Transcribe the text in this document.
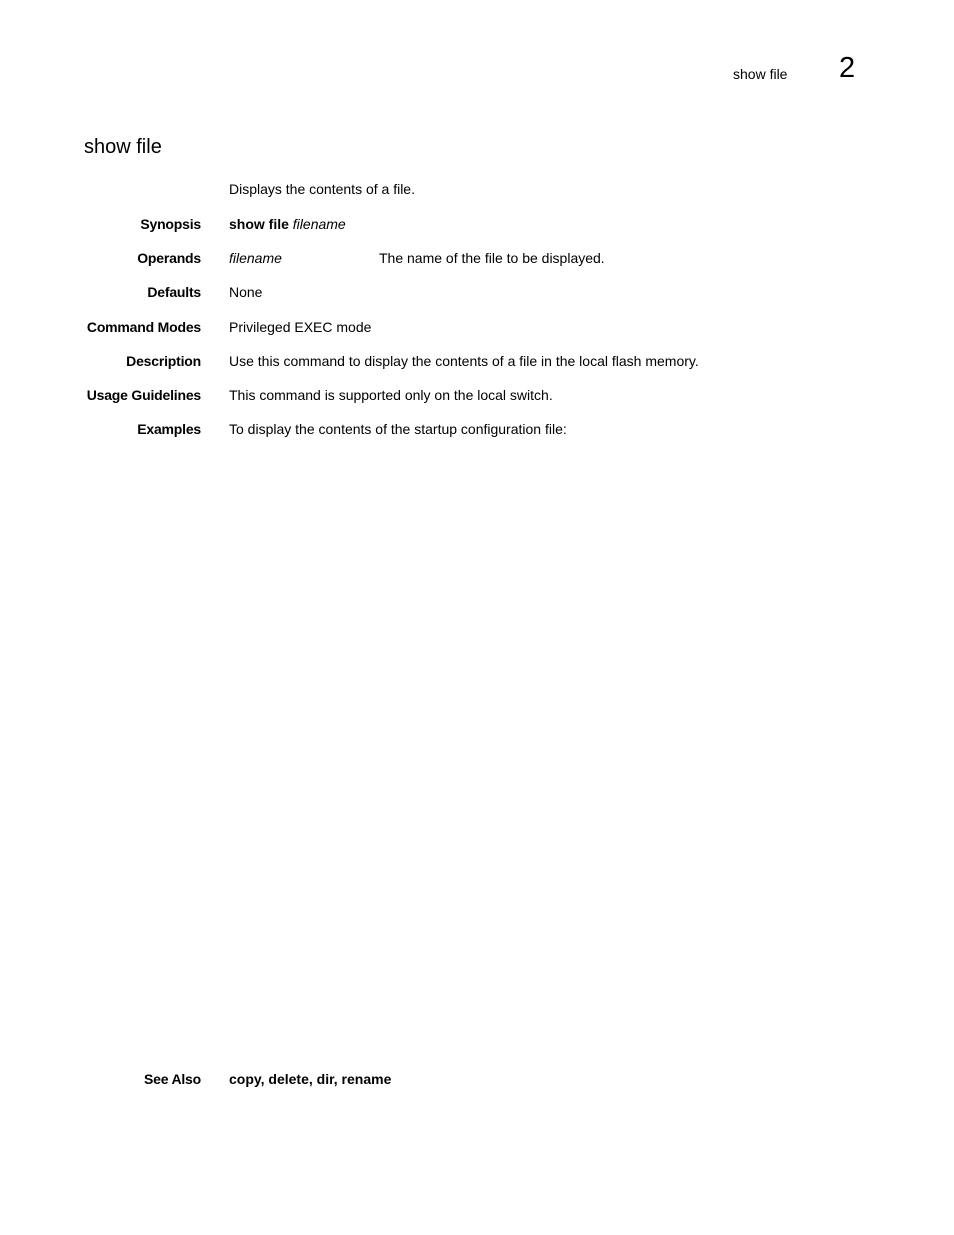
show file 2
show file
Displays the contents of a file.
Synopsis show file filename
Operands filename	The name of the file to be displayed.
Defaults None
Command Modes Privileged EXEC mode
Description Use this command to display the contents of a file in the local flash memory.
Usage Guidelines This command is supported only on the local switch.
Examples To display the contents of the startup configuration file:
See Also copy, delete, dir, rename
